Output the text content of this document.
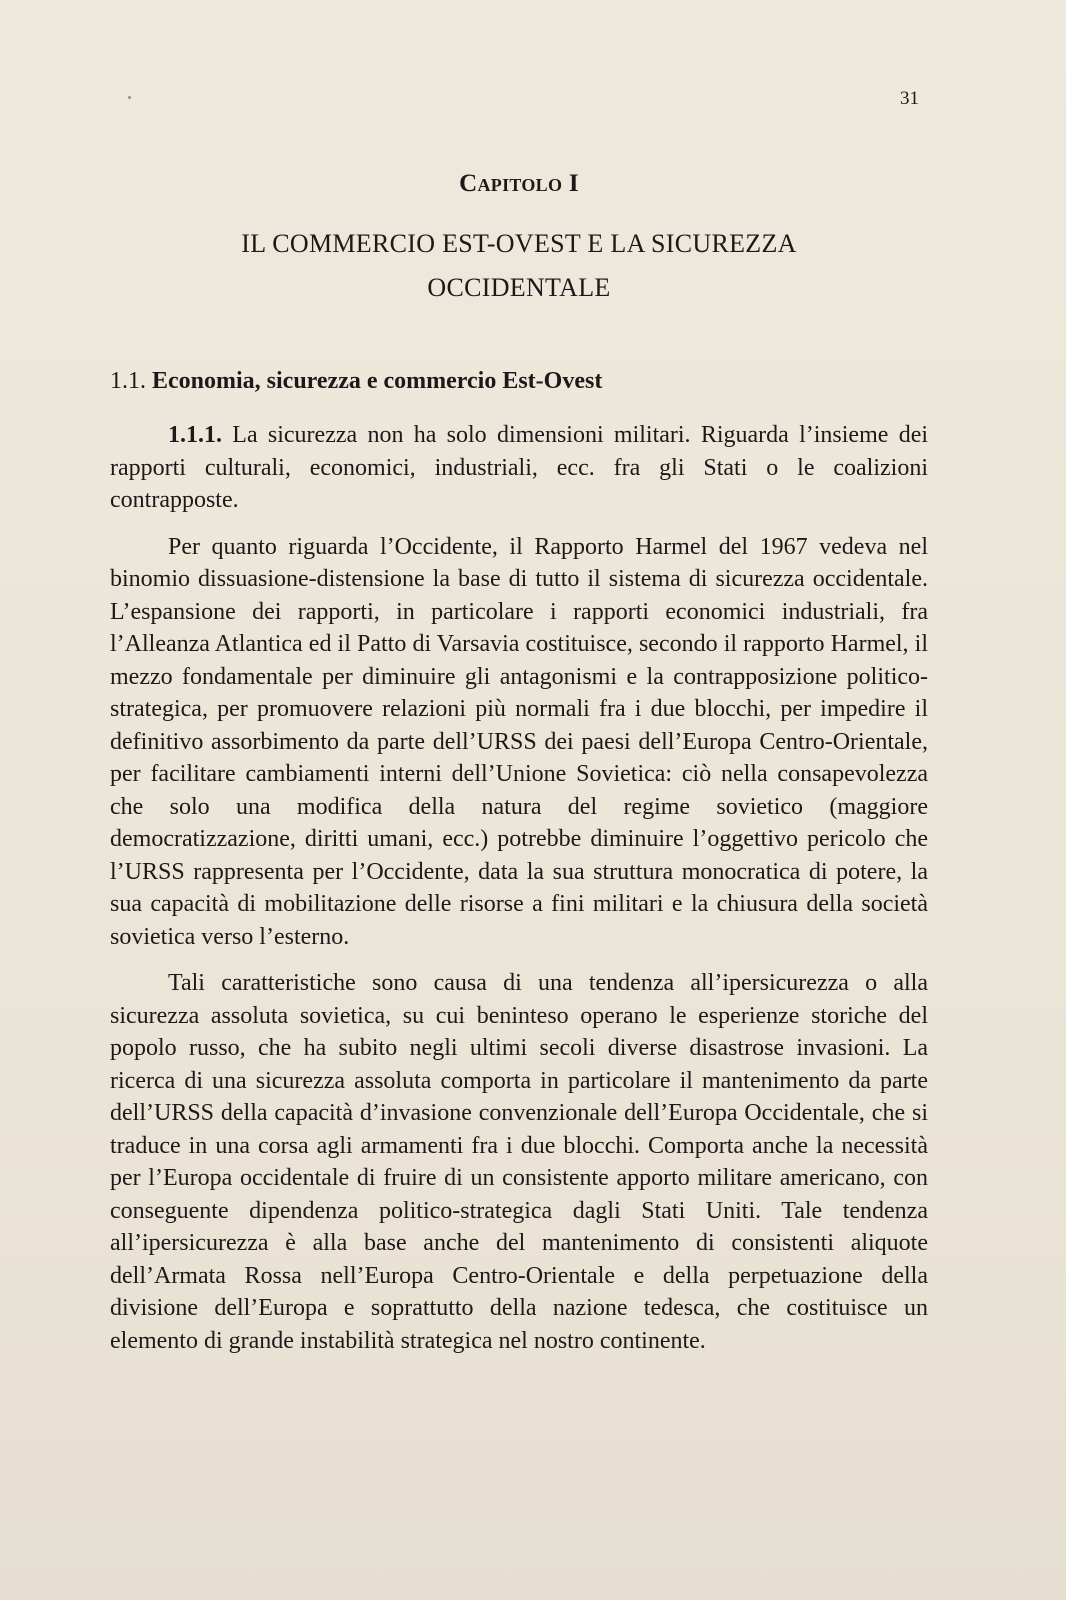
31
Capitolo I
IL COMMERCIO EST-OVEST E LA SICUREZZA
OCCIDENTALE
1.1. Economia, sicurezza e commercio Est-Ovest

1.1.1. La sicurezza non ha solo dimensioni militari. Riguarda l’insieme dei rapporti culturali, economici, industriali, ecc. fra gli Stati o le coalizioni contrapposte.

Per quanto riguarda l’Occidente, il Rapporto Harmel del 1967 vedeva nel binomio dissuasione-distensione la base di tutto il sistema di sicurezza occidentale. L’espansione dei rapporti, in particolare i rapporti economici industriali, fra l’Alleanza Atlantica ed il Patto di Varsavia costituisce, secondo il rapporto Harmel, il mezzo fondamentale per diminuire gli antagonismi e la contrapposizione politico-strategica, per promuovere relazioni più normali fra i due blocchi, per impedire il definitivo assorbimento da parte dell’URSS dei paesi dell’Europa Centro-Orientale, per facilitare cambiamenti interni dell’Unione Sovietica: ciò nella consapevolezza che solo una modifica della natura del regime sovietico (maggiore democratizzazione, diritti umani, ecc.) potrebbe diminuire l’oggettivo pericolo che l’URSS rappresenta per l’Occidente, data la sua struttura monocratica di potere, la sua capacità di mobilitazione delle risorse a fini militari e la chiusura della società sovietica verso l’esterno.

Tali caratteristiche sono causa di una tendenza all’ipersicurezza o alla sicurezza assoluta sovietica, su cui beninteso operano le esperienze storiche del popolo russo, che ha subito negli ultimi secoli diverse disastrose invasioni. La ricerca di una sicurezza assoluta comporta in particolare il mantenimento da parte dell’URSS della capacità d’invasione convenzionale dell’Europa Occidentale, che si traduce in una corsa agli armamenti fra i due blocchi. Comporta anche la necessità per l’Europa occidentale di fruire di un consistente apporto militare americano, con conseguente dipendenza politico-strategica dagli Stati Uniti. Tale tendenza all’ipersicurezza è alla base anche del mantenimento di consistenti aliquote dell’Armata Rossa nell’Europa Centro-Orientale e della perpetuazione della divisione dell’Europa e soprattutto della nazione tedesca, che costituisce un elemento di grande instabilità strategica nel nostro continente.
